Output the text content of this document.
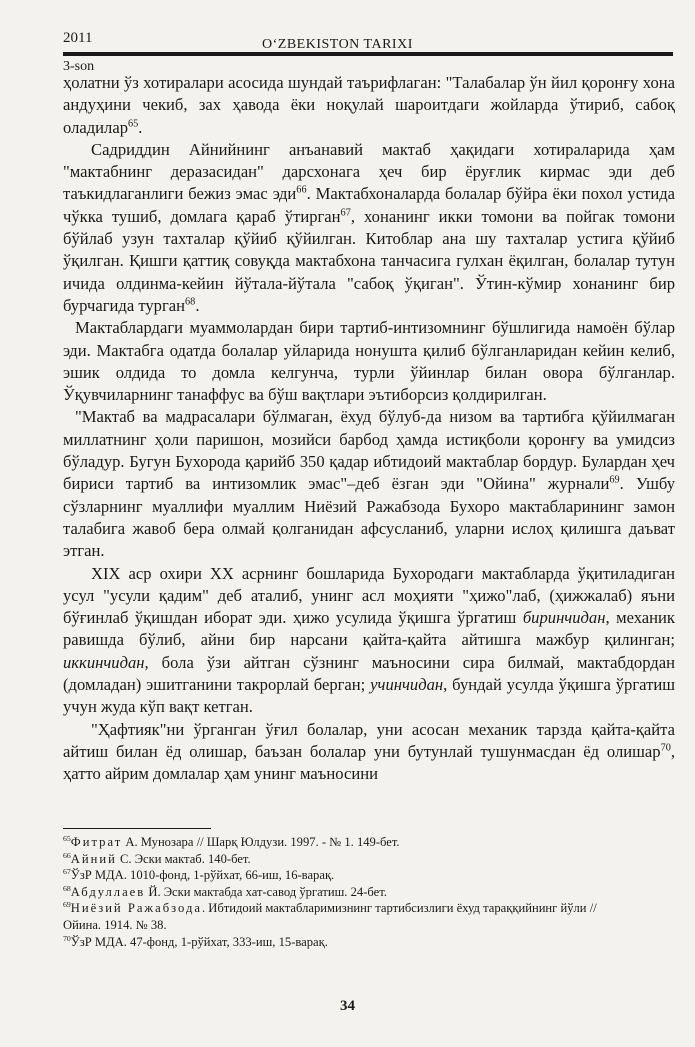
2011	O‘ZBEKISTON TARIXI
3-son

ҳолатни ўз хотиралари асосида шундай таърифлаган: "Талабалар ўн йил қоронғу хона андуҳини чекиб, зах ҳавода ёки ноқулай шароитдаги жойларда ўтириб, сабоқ оладилар$^{65}$.

Садриддин Айнийнинг анъанавий мактаб ҳақидаги хотираларида ҳам "мактабнинг деразасидан" дарсхонага ҳеч бир ёруғлик кирмас эди деб таъкидлаганлиги бежиз эмас эди$^{66}$. Мактабхоналарда болалар бўйра ёки похол устида чўкка тушиб, домлага қараб ўтирган$^{67}$, хонанинг икки томони ва пойгак томони бўйлаб узун тахталар қўйиб қўйилган. Китоблар ана шу тахталар устига қўйиб ўқилган. Қишги қаттиқ совуқда мактабхона танчасига гулхан ёқилган, болалар тутун ичида олдинма-кейин йўтала-йўтала "сабоқ ўқиган". Ўтин-кўмир хонанинг бир бурчагида турган$^{68}$.

Мактаблардаги муаммолардан бири тартиб-интизомнинг бўшлигида намоён бўлар эди. Мактабга одатда болалар уйларида нонушта қилиб бўлганларидан кейин келиб, эшик олдида то домла келгунча, турли ўйинлар билан овора бўлганлар. Ўқувчиларнинг танаффус ва бўш вақтлари эътиборсиз қолдирилган.

"Мактаб ва мадрасалари бўлмаган, ёхуд бўлуб-да низом ва тартибга қўйилмаган миллатнинг ҳоли паришон, мозийси барбод ҳамда истиқболи қоронғу ва умидсиз бўладур. Бугун Бухорода қарийб 350 қадар ибтидоий мактаблар бордур. Булардан ҳеч бириси тартиб ва интизомлик эмас"–деб ёзган эди "Ойина" журнали$^{69}$. Ушбу сўзларнинг муаллифи муаллим Ниёзий Ражабзода Бухоро мактабларининг замон талабига жавоб бера олмай қолганидан афсусланиб, уларни ислоҳ қилишга даъват этган.

XIX аср охири XX асрнинг бошларида Бухородаги мактабларда ўқитиладиган усул "усули қадим" деб аталиб, унинг асл моҳияти "ҳижо"лаб, (ҳижжалаб) яъни бўғинлаб ўқишдан иборат эди. ҳижо усулида ўқишга ўргатиш биринчидан, механик равишда бўлиб, айни бир нарсани қайта-қайта айтишга мажбур қилинган; иккинчидан, бола ўзи айтган сўзнинг маъносини сира билмай, мактабдордан (домладан) эшитганини такрорлай берган; учинчидан, бундай усулда ўқишга ўргатиш учун жуда кўп вақт кетган.

"Ҳафтияк"ни ўрганган ўғил болалар, уни асосан механик тарзда қайта-қайта айтиш билан ёд олишар, баъзан болалар уни бутунлай тушунмасдан ёд олишар$^{70}$, ҳатто айрим домлалар ҳам унинг маъносини

$^{65}$Фитрат А. Мунозара // Шарқ Юлдузи. 1997. - № 1. 149-бет.
$^{66}$Айний С. Эски мактаб. 140-бет.
$^{67}$ЎзР МДА. 1010-фонд, 1-рўйхат, 66-иш, 16-варақ.
$^{68}$Абдуллаев Й. Эски мактабда хат-савод ўргатиш. 24-бет.
$^{69}$Ниёзий Ражабзода. Ибтидоий мактабларимизнинг тартибсизлиги ёхуд тараққийнинг йўли // Ойина. 1914. № 38.
$^{70}$ЎзР МДА. 47-фонд, 1-рўйхат, 333-иш, 15-варақ.
34
